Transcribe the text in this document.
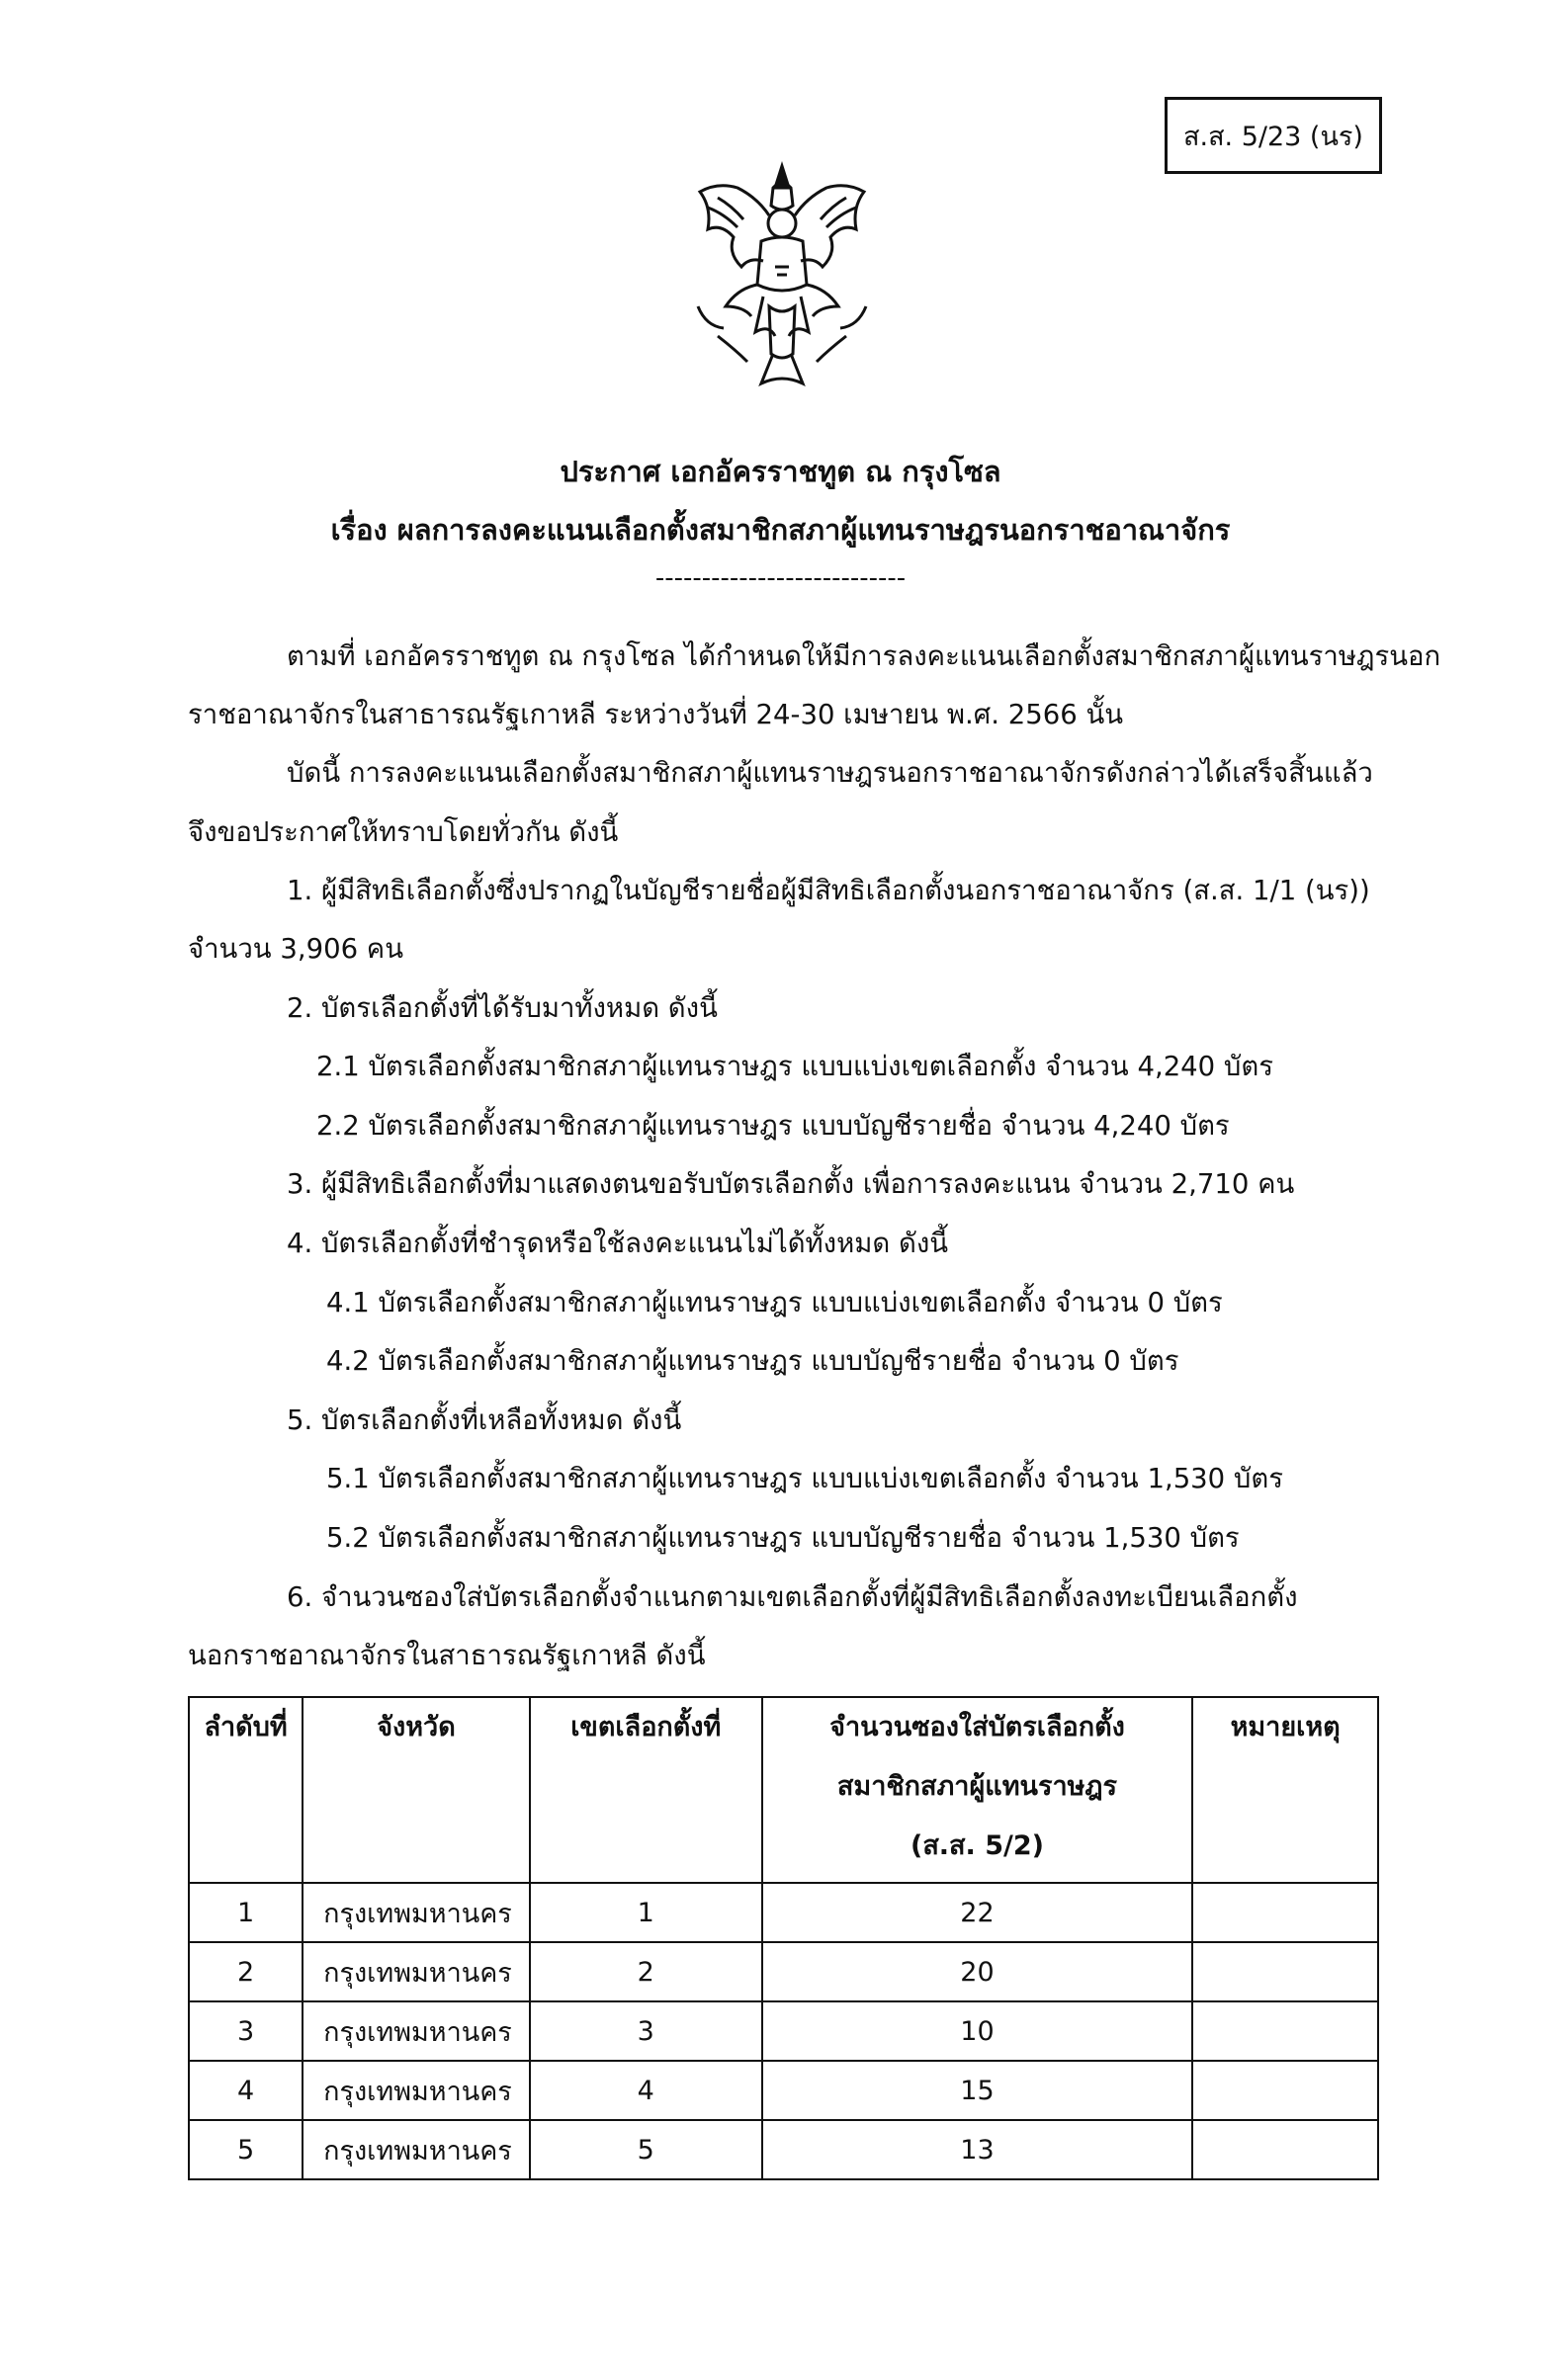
ส.ส. 5/23 (นร)
ประกาศ เอกอัครราชทูต ณ กรุงโซล
เรื่อง ผลการลงคะแนนเลือกตั้งสมาชิกสภาผู้แทนราษฎรนอกราชอาณาจักร
---------------------------
ตามที่ เอกอัครราชทูต ณ กรุงโซล ได้กำหนดให้มีการลงคะแนนเลือกตั้งสมาชิกสภาผู้แทนราษฎรนอก
ราชอาณาจักรในสาธารณรัฐเกาหลี ระหว่างวันที่ 24-30 เมษายน พ.ศ. 2566 นั้น
บัดนี้ การลงคะแนนเลือกตั้งสมาชิกสภาผู้แทนราษฎรนอกราชอาณาจักรดังกล่าวได้เสร็จสิ้นแล้ว
จึงขอประกาศให้ทราบโดยทั่วกัน ดังนี้
1. ผู้มีสิทธิเลือกตั้งซึ่งปรากฏในบัญชีรายชื่อผู้มีสิทธิเลือกตั้งนอกราชอาณาจักร (ส.ส. 1/1 (นร))
จำนวน 3,906 คน
2. บัตรเลือกตั้งที่ได้รับมาทั้งหมด ดังนี้
2.1 บัตรเลือกตั้งสมาชิกสภาผู้แทนราษฎร แบบแบ่งเขตเลือกตั้ง จำนวน 4,240 บัตร
2.2 บัตรเลือกตั้งสมาชิกสภาผู้แทนราษฎร แบบบัญชีรายชื่อ จำนวน 4,240 บัตร
3. ผู้มีสิทธิเลือกตั้งที่มาแสดงตนขอรับบัตรเลือกตั้ง เพื่อการลงคะแนน จำนวน 2,710 คน
4. บัตรเลือกตั้งที่ชำรุดหรือใช้ลงคะแนนไม่ได้ทั้งหมด ดังนี้
4.1 บัตรเลือกตั้งสมาชิกสภาผู้แทนราษฎร แบบแบ่งเขตเลือกตั้ง จำนวน 0 บัตร
4.2 บัตรเลือกตั้งสมาชิกสภาผู้แทนราษฎร แบบบัญชีรายชื่อ จำนวน 0 บัตร
5. บัตรเลือกตั้งที่เหลือทั้งหมด ดังนี้
5.1 บัตรเลือกตั้งสมาชิกสภาผู้แทนราษฎร แบบแบ่งเขตเลือกตั้ง จำนวน 1,530 บัตร
5.2 บัตรเลือกตั้งสมาชิกสภาผู้แทนราษฎร แบบบัญชีรายชื่อ จำนวน 1,530 บัตร
6. จำนวนซองใส่บัตรเลือกตั้งจำแนกตามเขตเลือกตั้งที่ผู้มีสิทธิเลือกตั้งลงทะเบียนเลือกตั้ง
นอกราชอาณาจักรในสาธารณรัฐเกาหลี ดังนี้
ลำดับที่	จังหวัด	เขตเลือกตั้งที่	จำนวนซองใส่บัตรเลือกตั้ง
สมาชิกสภาผู้แทนราษฎร
(ส.ส. 5/2)	หมายเหตุ
1	กรุงเทพมหานคร	1	22	
2	กรุงเทพมหานคร	2	20	
3	กรุงเทพมหานคร	3	10	
4	กรุงเทพมหานคร	4	15	
5	กรุงเทพมหานคร	5	13	
